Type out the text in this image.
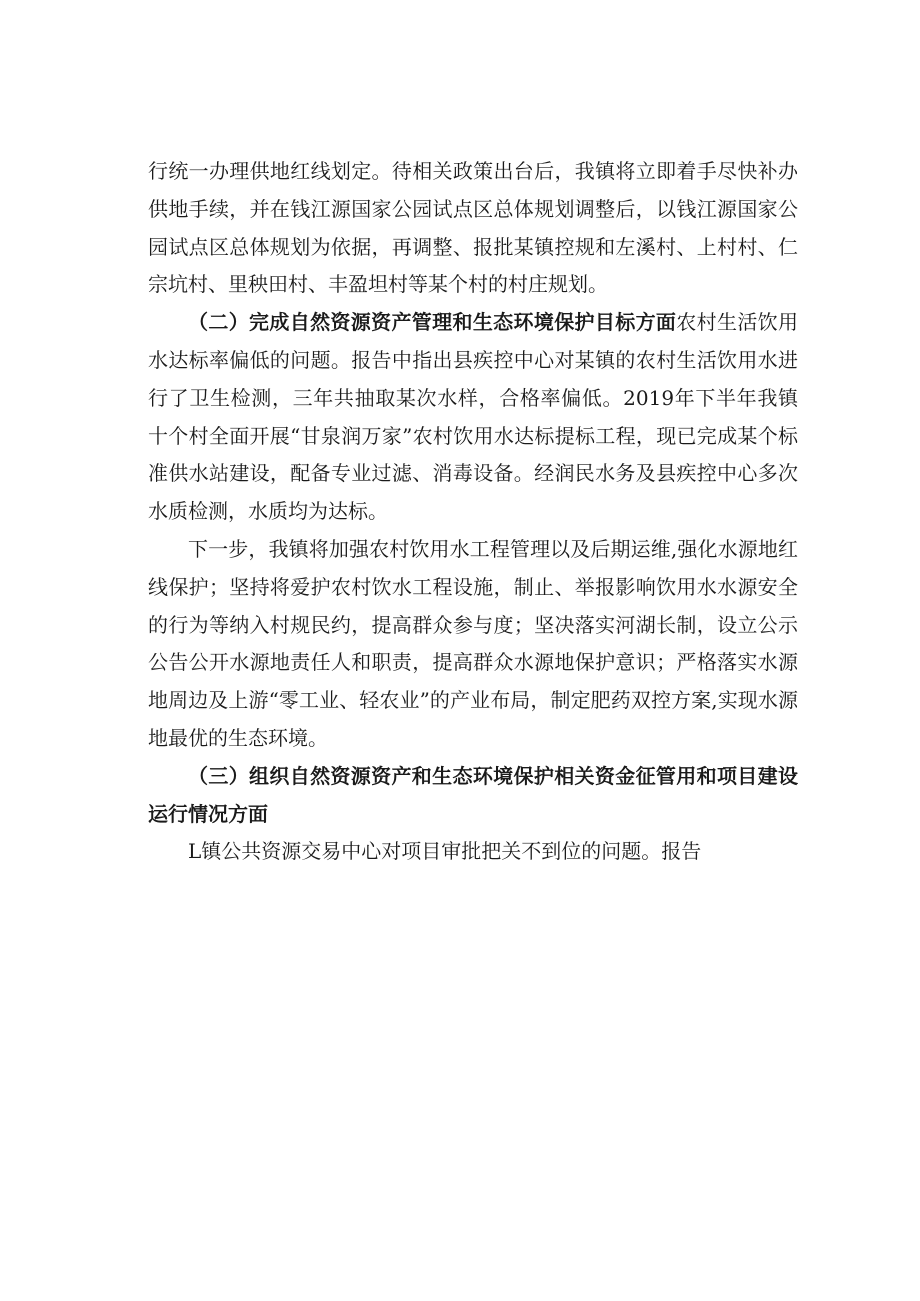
行统一办理供地红线划定。待相关政策出台后，我镇将立即着手尽快补办供地手续，并在钱江源国家公园试点区总体规划调整后，以钱江源国家公园试点区总体规划为依据，再调整、报批某镇控规和左溪村、上村村、仁宗坑村、里秧田村、丰盈坦村等某个村的村庄规划。

（二）完成自然资源资产管理和生态环境保护目标方面农村生活饮用水达标率偏低的问题。报告中指出县疾控中心对某镇的农村生活饮用水进行了卫生检测，三年共抽取某次水样，合格率偏低。2019年下半年我镇十个村全面开展“甘泉润万家”农村饮用水达标提标工程，现已完成某个标准供水站建设，配备专业过滤、消毒设备。经润民水务及县疾控中心多次水质检测，水质均为达标。

下一步，我镇将加强农村饮用水工程管理以及后期运维,强化水源地红线保护；坚持将爱护农村饮水工程设施，制止、举报影响饮用水水源安全的行为等纳入村规民约，提高群众参与度；坚决落实河湖长制，设立公示公告公开水源地责任人和职责，提高群众水源地保护意识；严格落实水源地周边及上游“零工业、轻农业”的产业布局，制定肥药双控方案,实现水源地最优的生态环境。

（三）组织自然资源资产和生态环境保护相关资金征管用和项目建设运行情况方面

L镇公共资源交易中心对项目审批把关不到位的问题。报告
